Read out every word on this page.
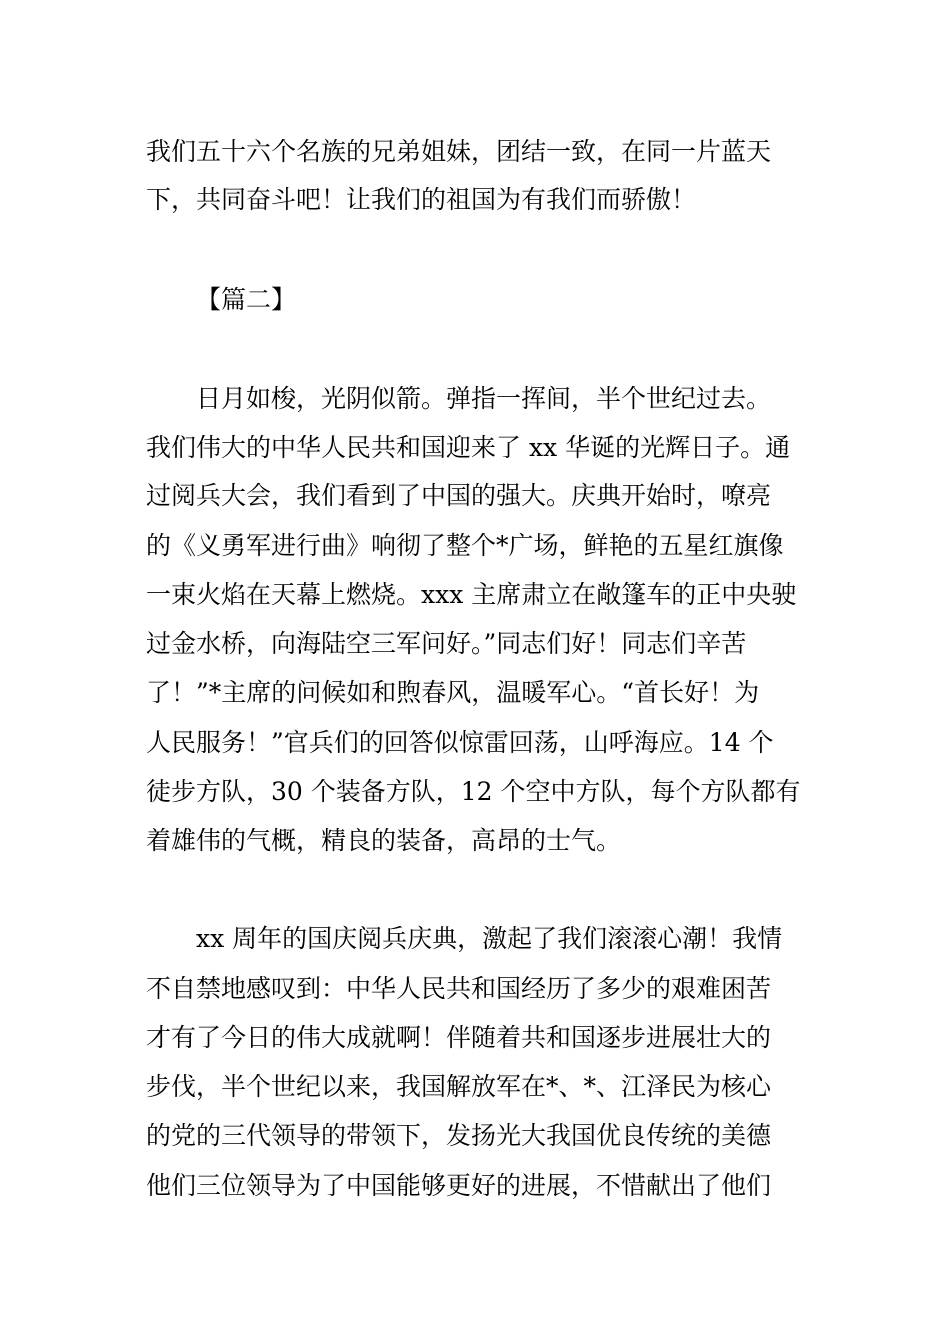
我们五十六个名族的兄弟姐妹，团结一致，在同一片蓝天
下，共同奋斗吧！让我们的祖国为有我们而骄傲！
【篇二】
日月如梭，光阴似箭。弹指一挥间，半个世纪过去。
我们伟大的中华人民共和国迎来了 xx 华诞的光辉日子。通
过阅兵大会，我们看到了中国的强大。庆典开始时，嘹亮
的《义勇军进行曲》响彻了整个*广场，鲜艳的五星红旗像
一束火焰在天幕上燃烧。xxx 主席肃立在敞篷车的正中央驶
过金水桥，向海陆空三军问好。”同志们好！同志们辛苦
了！”*主席的问候如和煦春风，温暖军心。“首长好！为
人民服务！”官兵们的回答似惊雷回荡，山呼海应。14 个
徒步方队，30 个装备方队，12 个空中方队，每个方队都有
着雄伟的气概，精良的装备，高昂的士气。
xx 周年的国庆阅兵庆典，激起了我们滚滚心潮！我情
不自禁地感叹到：中华人民共和国经历了多少的艰难困苦
才有了今日的伟大成就啊！伴随着共和国逐步进展壮大的
步伐，半个世纪以来，我国解放军在*、*、江泽民为核心
的党的三代领导的带领下，发扬光大我国优良传统的美德
他们三位领导为了中国能够更好的进展，不惜献出了他们
